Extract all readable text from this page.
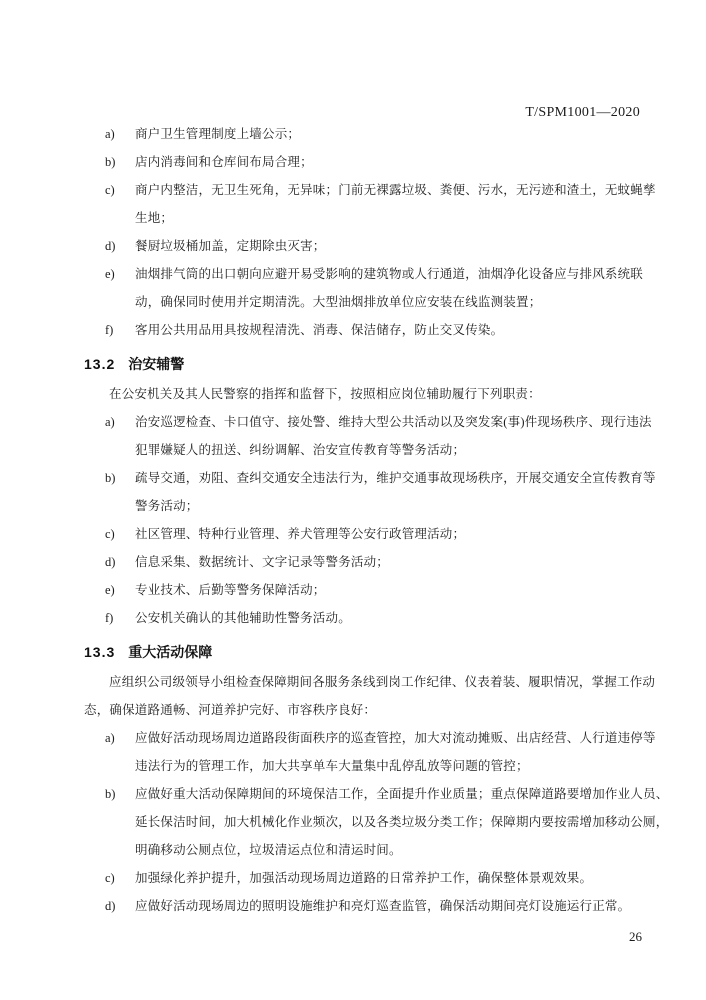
T/SPM1001—2020
a)	商户卫生管理制度上墙公示；
b)	店内消毒间和仓库间布局合理；
c)	商户内整洁，无卫生死角，无异味；门前无裸露垃圾、粪便、污水，无污迹和渣土，无蚊蝇孳
生地；
d)	餐厨垃圾桶加盖，定期除虫灭害；
e)	油烟排气筒的出口朝向应避开易受影响的建筑物或人行通道，油烟净化设备应与排风系统联
动，确保同时使用并定期清洗。大型油烟排放单位应安装在线监测装置；
f)	客用公共用品用具按规程清洗、消毒、保洁储存，防止交叉传染。
13.2 治安辅警
在公安机关及其人民警察的指挥和监督下，按照相应岗位辅助履行下列职责：
a)	治安巡逻检查、卡口值守、接处警、维持大型公共活动以及突发案(事)件现场秩序、现行违法
犯罪嫌疑人的扭送、纠纷调解、治安宣传教育等警务活动；
b)	疏导交通，劝阻、查纠交通安全违法行为，维护交通事故现场秩序，开展交通安全宣传教育等
警务活动；
c)	社区管理、特种行业管理、养犬管理等公安行政管理活动；
d)	信息采集、数据统计、文字记录等警务活动；
e)	专业技术、后勤等警务保障活动；
f)	公安机关确认的其他辅助性警务活动。
13.3 重大活动保障
应组织公司级领导小组检查保障期间各服务条线到岗工作纪律、仪表着装、履职情况，掌握工作动
态，确保道路通畅、河道养护完好、市容秩序良好：
a)	应做好活动现场周边道路段街面秩序的巡查管控，加大对流动摊贩、出店经营、人行道违停等
违法行为的管理工作，加大共享单车大量集中乱停乱放等问题的管控；
b)	应做好重大活动保障期间的环境保洁工作，全面提升作业质量；重点保障道路要增加作业人员、
延长保洁时间，加大机械化作业频次，以及各类垃圾分类工作；保障期内要按需增加移动公厕，
明确移动公厕点位，垃圾清运点位和清运时间。
c)	加强绿化养护提升，加强活动现场周边道路的日常养护工作，确保整体景观效果。
d)	应做好活动现场周边的照明设施维护和亮灯巡查监管，确保活动期间亮灯设施运行正常。
26
